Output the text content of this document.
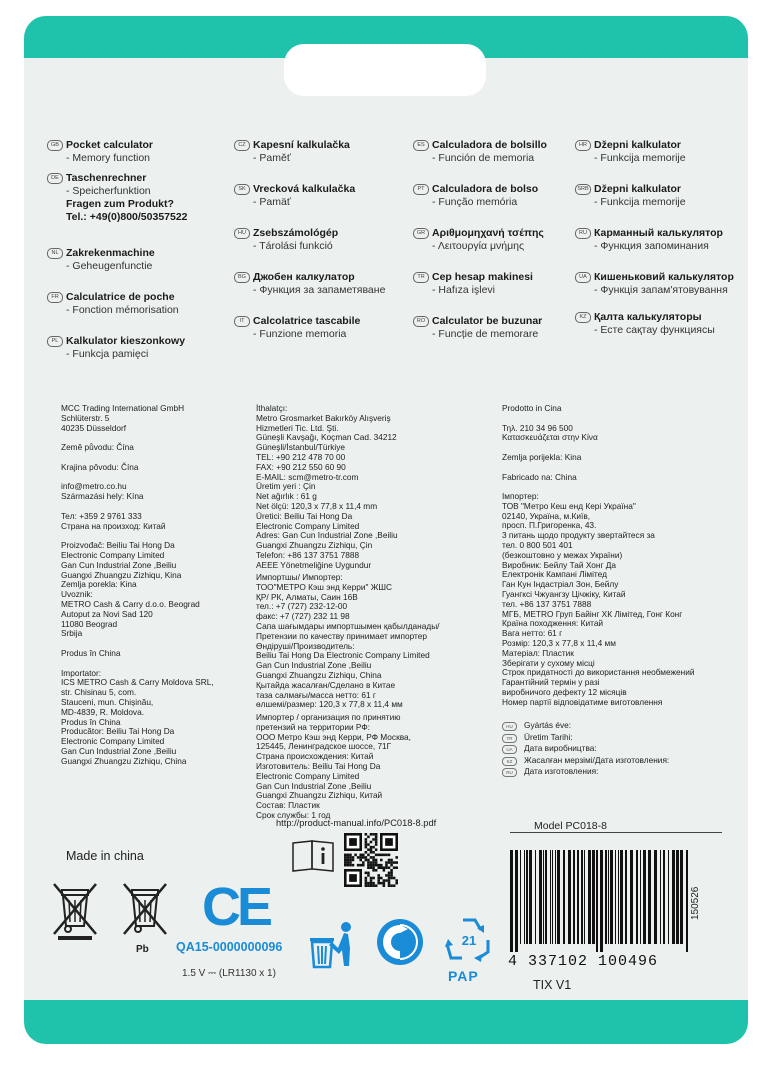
GB Pocket calculator
- Memory function
DE Taschenrechner
- Speicherfunktion
Fragen zum Produkt?
Tel.: +49(0)800/50357522
NL Zakrekenmachine
- Geheugenfunctie
FR Calculatrice de poche
- Fonction mémorisation
PL Kalkulator kieszonkowy
- Funkcja pamięci
CZ Kapesní kalkulačka
- Paměť
SK Vrecková kalkulačka
- Pamäť
HU Zsebszámológép
- Tárolási funkció
BG Джобен калкулатор
- Функция за запаметяване
IT Calcolatrice tascabile
- Funzione memoria
ES Calculadora de bolsillo
- Función de memoria
PT Calculadora de bolso
- Função memória
GR Αριθμομηχανή τσέπης
- Λειτουργία μνήμης
TR Cep hesap makinesi
- Hafıza işlevi
RO Calculator be buzunar
- Funcție de memorare
HR Džepni kalkulator
- Funkcija memorije
SRB Džepni kalkulator
- Funkcija memorije
RU Карманный калькулятор
- Функция запоминания
UA Кишеньковий калькулятор
- Функція запам'ятовування
KZ Қалта калькуляторы
- Есте сақтау функциясы
MCC Trading International GmbH
Schlüterstr. 5
40235 Düsseldorf

Země původu: Čína

Krajina pôvodu: Čína

info@metro.co.hu
Származási hely: Kína

Teл: +359 2 9761 333
Страна на произход: Китай

Proizvođač: Beiliu Tai Hong Da
Electronic Company Limited
Gan Cun Industrial Zone ,Beiliu
Guangxi Zhuangzu Zizhiqu, Kina
Zemlja porekla: Kina
Uvoznik:
METRO Cash & Carry d.o.o. Beograd
Autoput za Novi Sad 120
11080 Beograd
Srbija

Produs în China

Importator:
ICS METRO Cash & Carry Moldova SRL,
str. Chisinau 5, com.
Stauceni, mun. Chișinău,
MD-4839, R. Moldova.
Produs în China
Producător: Beiliu Tai Hong Da
Electronic Company Limited
Gan Cun Industrial Zone ,Beiliu
Guangxi Zhuangzu Zizhiqu, China
İthalatçı:
Metro Grosmarket Bakırköy Alışveriş
Hizmetleri Tic. Ltd. Şti.
Güneşli Kavşağı, Koçman Cad. 34212
Güneşli/İstanbul/Türkiye
TEL: +90 212 478 70 00
FAX: +90 212 550 60 90
E-MAIL: scm@metro-tr.com
Üretim yeri : Çin
Net ağırlık : 61 g
Net ölçü: 120,3 x 77,8 x 11,4 mm
Üretici: Beiliu Tai Hong Da
Electronic Company Limited
Adres: Gan Cun Industrial Zone ,Beiliu
Guangxi Zhuangzu Zizhiqu, Çin
Telefon: +86 137 3751 7888
AEEE Yönetmeliğine Uygundur
Импортшы/ Импортер:
ТОО"МЕТРО Кэш энд Керри" ЖШС
ҚР/ РК, Алматы, Саин 16В
тел.: +7 (727) 232-12-00
факс: +7 (727) 232 11 98
Сапа шағымдары импортшымен қабылданады/
Претензии по качеству принимает импортер
Өндіруші/Производитель:
Beiliu Tai Hong Da Electronic Company Limited
Gan Cun Industrial Zone ,Beiliu
Guangxi Zhuangzu Zizhiqu, China
Қытайда жасалған/Сделано в Китае
таза салмағы/масса нетто: 61 г
өлшемі/размер: 120,3 x 77,8 x 11,4 мм
Импортер / организация по принятию
претензий на территории РФ:
ООО Метро Кэш энд Керри, РФ Москва,
125445, Ленинградское шоссе, 71Г
Страна происхождения: Китай
Изготовитель: Beiliu Tai Hong Da
Electronic Company Limited
Gan Cun Industrial Zone ,Beiliu
Guangxi Zhuangzu Zizhiqu, Китай
Состав: Пластик
Срок службы: 1 год
Prodotto in Cina

Τηλ. 210 34 96 500
Κατασκευάζεται στην Κίνα

Zemlja porijekla: Kina

Fabricado na: China
Імпортер:
ТОВ "Метро Кеш енд Кері Україна"
02140, Україна, м.Київ,
просп. П.Григоренка, 43.
3 питань щодо продукту звертайтеся за
тел. 0 800 501 401
(безкоштовно у межах України)
Виробник: Бейлу Тай Хонг Да
Електронік Кампані Лімітед
Ган Кун Індастріал Зон, Бейлу
Гуангксі Чжуангзу Цічжіку, Китай
тел. +86 137 3751 7888
МГБ, METRO Груп Байінг ХК Лімітед, Гонг Конг
Країна походження: Китай
Вага нетто: 61 г
Розмір: 120,3 x 77,8 x 11,4 мм
Матеріал: Пластик
Зберігати у сухому місці
Строк придатності до використання необмежений
Гарантійний термін у разі
виробничого дефекту 12 місяців
Номер партії відповідатиме виготовлення
HU	Gyártás éve:
TR	Üretim Tarihi:
UA	Дата виробництва:
KZ	Жасалған мерзімі/Дата изготовления:
RU	Дата изготовления:
http://product-manual.info/PC018-8.pdf	Model PC018-8
Made in china
Pb
CE
QA15-0000000096
1.5 V ⎓ (LR1130 x 1)
21
PAP
4 337102 100496
150526
TIX V1
